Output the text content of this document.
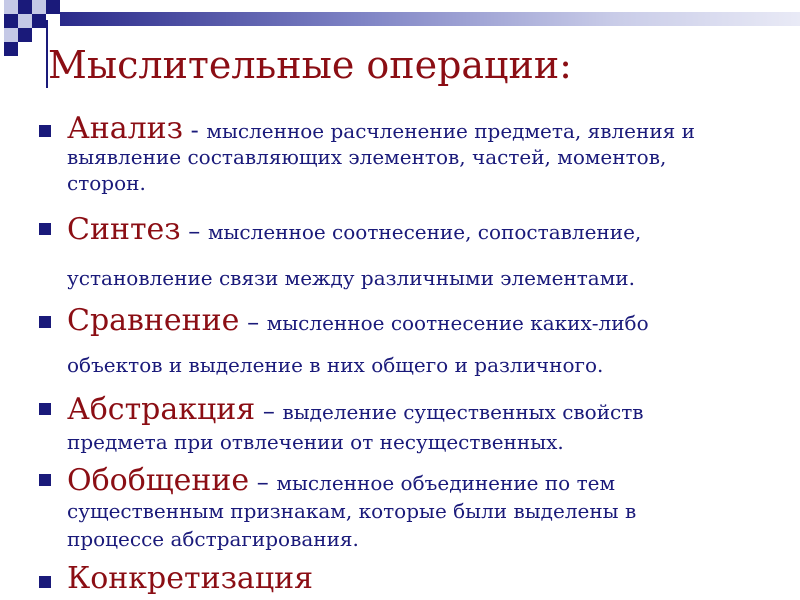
Мыслительные операции:
Анализ - мысленное расчленение предмета, явления и
выявление составляющих элементов, частей, моментов,
сторон.
Синтез – мысленное соотнесение, сопоставление,
установление связи между различными элементами.
Сравнение – мысленное соотнесение каких-либо
объектов и выделение в них общего и различного.
Абстракция – выделение существенных свойств
предмета при отвлечении от несущественных.
Обобщение – мысленное объединение по тем
существенным признакам, которые были выделены в
процессе абстрагирования.
Конкретизация
